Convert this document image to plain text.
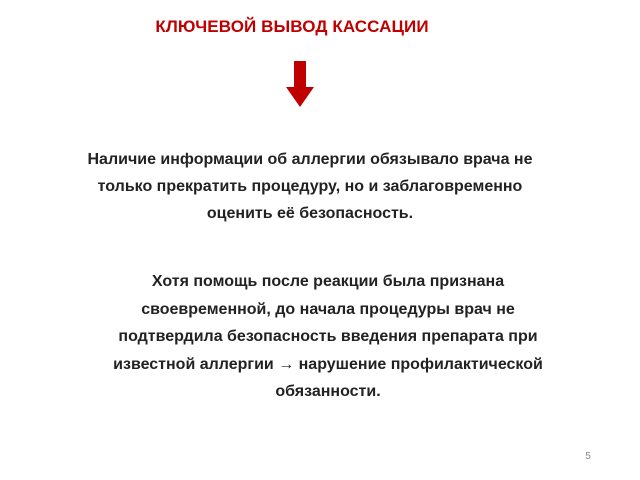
КЛЮЧЕВОЙ ВЫВОД КАССАЦИИ
Наличие информации об аллергии обязывало врача не
только прекратить процедуру, но и заблаговременно
оценить её безопасность.
Хотя помощь после реакции была признана
своевременной, до начала процедуры врач не
подтвердила безопасность введения препарата при
известной аллергии → нарушение профилактической
обязанности.
5
